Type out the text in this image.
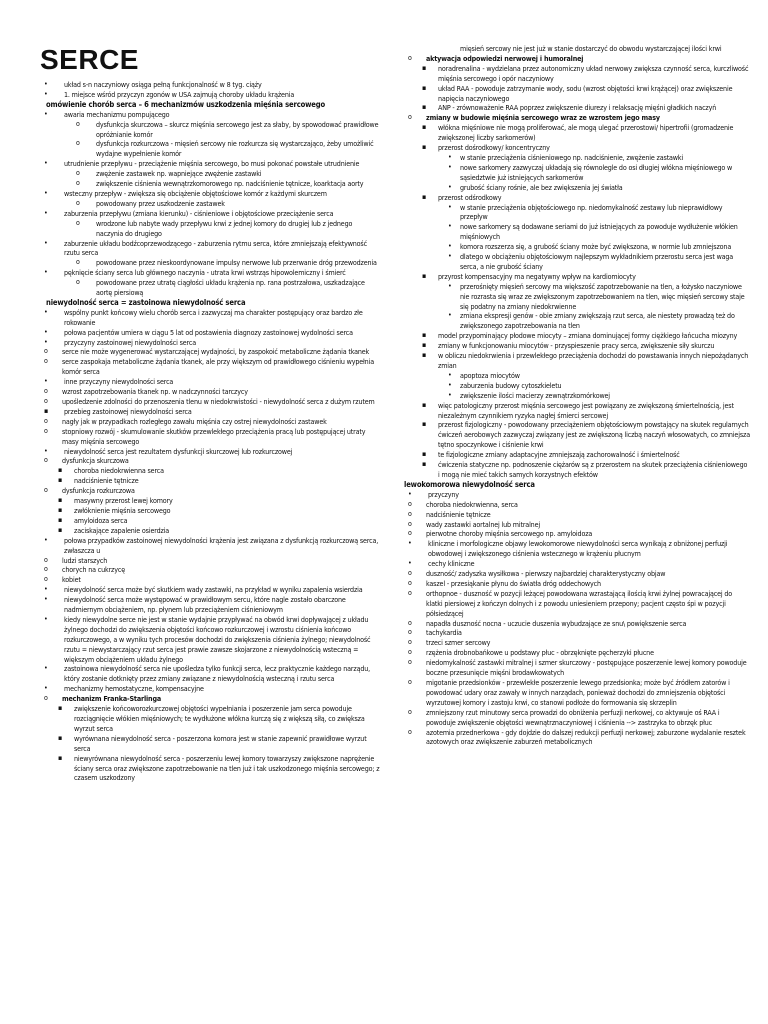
SERCE
• układ s-n naczyniowy osiąga pełną funkcjonalność w 8 tyg. ciąży
• 1. miejsce wśród przyczyn zgonów w USA zajmują choroby układu krążenia
omówienie chorób serca – 6 mechanizmów uszkodzenia mięśnia sercowego
• awaria mechanizmu pompującego
o dysfunkcja skurczowa – skurcz mięśnia sercowego jest za słaby, by spowodować prawidłowe opróżnianie komór
o dysfunkcja rozkurczowa - mięsień sercowy nie rozkurcza się wystarczająco, żeby umożliwić wydajne wypełnienie komór
• utrudnienie przepływu - przeciążenie mięśnia sercowego, bo musi pokonać powstałe utrudnienie
o zwężenie zastawek np. wapniejące zwężenie zastawki
o zwiększenie ciśnienia wewnątrzkomorowego np. nadciśnienie tętnicze, koarktacja aorty
• wsteczny przepływ - zwiększa się obciążenie objętościowe komór z każdymi skurczem
o powodowany przez uszkodzenie zastawek
• zaburzenia przepływu (zmiana kierunku) - ciśnieniowe i objętościowe przeciążenie serca
o wrodzone lub nabyte wady przepływu krwi z jednej komory do drugiej lub z jednego naczynia do drugiego
• zaburzenie układu bodźcoprzewodzącego - zaburzenia rytmu serca, które zmniejszają efektywność rzutu serca
o powodowane przez nieskoordynowane impulsy nerwowe lub przerwanie dróg przewodzenia
• pęknięcie ściany serca lub głównego naczynia - utrata krwi wstrząs hipowolemiczny i śmierć
o powodowane przez utratę ciągłości układu krążenia np. rana postrzałowa, uszkadzające aortę piersiową
niewydolność serca = zastoinowa niewydolność serca
• wspólny punkt końcowy wielu chorób serca i zazwyczaj ma charakter postępujący oraz bardzo złe rokowanie
• połowa pacjentów umiera w ciągu 5 lat od postawienia diagnozy zastoinowej wydolności serca
• przyczyny zastoinowej niewydolności serca
o serce nie może wygenerować wystarczającej wydajności, by zaspokoić metaboliczne żądania tkanek
o serce zaspokaja metaboliczne żądania tkanek, ale przy większym od prawidłowego ciśnieniu wypełnia komór serca
• inne przyczyny niewydolności serca
o wzrost zapotrzebowania tkanek np. w nadczynności tarczycy
o upośledzenie zdolności do przenoszenia tlenu w niedokrwistości - niewydolność serca z dużym rzutem
▪ przebieg zastoinowej niewydolności serca
o nagły jak w przypadkach rozległego zawału mięśnia czy ostrej niewydolności zastawek
o stopniowy rozwój - skumulowanie skutków przewlekłego przeciążenia pracą lub postępującej utraty masy mięśnia sercowego
• niewydolność serca jest rezultatem dysfunkcji skurczowej lub rozkurczowej
o dysfunkcja skurczowa
▪ choroba niedokrwienna serca
▪ nadciśnienie tętnicze
o dysfunkcja rozkurczowa
▪ masywny przerost lewej komory
▪ zwłóknienie mięśnia sercowego
▪ amyloidoza serca
▪ zaciskające zapalenie osierdzia
• połowa przypadków zastoinowej niewydolności krążenia jest związana z dysfunkcją rozkurczową serca, zwłaszcza u
o ludzi starszych
o chorych na cukrzycę
o kobiet
• niewydolność serca może być skutkiem wady zastawki, na przykład w wyniku zapalenia wsierdzia
• niewydolność serca może występować w prawidłowym sercu, które nagle zostało obarczone nadmiernym obciążeniem, np. płynem lub przeciążeniem ciśnieniowym
• kiedy niewydolne serce nie jest w stanie wydajnie przypływać na obwód krwi dopływającej z układu żylnego dochodzi do zwiększenia objętości końcowo rozkurczowej i wzrostu ciśnienia końcowo rozkurczowego, a w wyniku tych procesów dochodzi do zwiększenia ciśnienia żylnego; niewydolność rzutu = niewystarczający rzut serca jest prawie zawsze skojarzone z niewydolnością wsteczną = większym obciążeniem układu żylnego
• zastoinowa niewydolność serca nie upośledza tylko funkcji serca, lecz praktycznie każdego narządu, który zostanie dotknięty przez zmiany związane z niewydolnością wsteczną i rzutu serca
• mechanizmy hemostatyczne, kompensacyjne
o mechanizm Franka-Starlinga
▪ zwiększenie końcoworozkurczowej objętości wypełniania i poszerzenie jam serca powoduje rozciągnięcie włókien mięśniowych; te wydłużone włókna kurczą się z większą siłą, co zwiększa wyrzut serca
▪ wyrównana niewydolność serca - poszerzona komora jest w stanie zapewnić prawidłowe wyrzut serca
▪ niewyrównana niewydolność serca - poszerzeniu lewej komory towarzyszy zwiększone naprężenie ściany serca oraz zwiększone zapotrzebowanie na tlen już i tak uszkodzonego mięśnia sercowego; z czasem uszkodzony
mięsień sercowy nie jest już w stanie dostarczyć do obwodu wystarczającej ilości krwi
o aktywacja odpowiedzi nerwowej i humoralnej
▪ noradrenalina - wydzielana przez autonomiczny układ nerwowy zwiększa czynność serca, kurczliwość mięśnia sercowego i opór naczyniowy
▪ układ RAA - powoduje zatrzymanie wody, sodu (wzrost objętości krwi krążącej) oraz zwiększenie napięcia naczyniowego
▪ ANP - zrównoważenie RAA poprzez zwiększenie diurezy i relaksację mięśni gładkich naczyń
o zmiany w budowie mięśnia sercowego wraz ze wzrostem jego masy
▪ włókna mięśniowe nie mogą proliferować, ale mogą ulegać przerostowi/ hipertrofii (gromadzenie zwiększonej liczby sarkomerów)
▪ przerost dośrodkowy/ koncentryczny
• w stanie przeciążenia ciśnieniowego np. nadciśnienie, zwężenie zastawki
• nowe sarkomery zazwyczaj układają się równolegle do osi długiej włókna mięśniowego w sąsiedztwie już istniejących sarkomerów
• grubość ściany rośnie, ale bez zwiększenia jej światła
▪ przerost odśrodkowy
• w stanie przeciążenia objętościowego np. niedomykalność zestawy lub nieprawidłowy przepływ
• nowe sarkomery są dodawane seriami do już istniejących za powoduje wydłużenie włókien mięśniowych
• komora rozszerza się, a grubość ściany może być zwiększona, w normie lub zmniejszona
• dlatego w obciążeniu objętościowym najlepszym wykładnikiem przerostu serca jest waga serca, a nie grubość ściany
▪ przyrost kompensacyjny ma negatywny wpływ na kardiomiocyty
• przerośnięty mięsień sercowy ma większość zapotrzebowanie na tlen, a łożysko naczyniowe nie rozrasta się wraz ze zwiększonym zapotrzebowaniem na tlen, więc mięsień sercowy staje się podatny na zmiany niedokrwienne
• zmiana ekspresji genów - obie zmiany zwiększają rzut serca, ale niestety prowadzą też do zwiększonego zapotrzebowania na tlen
▪ model przypominający płodowe miocyty – zmiana dominującej formy ciężkiego łańcucha miozyny
▪ zmiany w funkcjonowaniu miocytów - przyspieszenie pracy serca, zwiększenie siły skurczu
▪ w obliczu niedokrwienia i przewlekłego przeciążenia dochodzi do powstawania innych niepożądanych zmian
• apoptoza miocytów
• zaburzenia budowy cytoszkieletu
• zwiększenie ilości macierzy zewnątrzkomórkowej
▪ więc patologiczny przerost mięśnia sercowego jest powiązany ze zwiększoną śmiertelnością, jest niezależnym czynnikiem ryzyka nagłej śmierci sercowej
▪ przerost fizjologiczny - powodowany przeciążeniem objętościowym powstający na skutek regularnych ćwiczeń aerobowych zazwyczaj związany jest ze zwiększoną liczbą naczyń włosowatych, co zmniejsza tętno spoczynkowe i ciśnienie krwi
▪ te fizjologiczne zmiany adaptacyjne zmniejszają zachorowalność i śmiertelność
▪ ćwiczenia statyczne np. podnoszenie ciężarów są z przerostem na skutek przeciążenia ciśnieniowego i mogą nie mieć takich samych korzystnych efektów
lewokomorowa niewydolność serca
• przyczyny
o choroba niedokrwienna, serca
o nadciśnienie tętnicze
o wady zastawki aortalnej lub mitralnej
o pierwotne choroby mięśnia sercowego np. amyloidoza
• kliniczne i morfologiczne objawy lewokomorowe niewydolności serca wynikają z obniżonej perfuzji obwodowej i zwiększonego ciśnienia wstecznego w krążeniu płucnym
• cechy kliniczne
o duszność/ zadyszka wysiłkowa - pierwszy najbardziej charakterystyczny objaw
o kaszel - przesiąkanie płynu do światła dróg oddechowych
o orthopnoe - duszność w pozycji leżącej powodowana wzrastającą ilością krwi żylnej powracającej do klatki piersiowej z kończyn dolnych i z powodu uniesieniem przepony; pacjent często śpi w pozycji półsiedzącej
o napadła duszność nocna - uczucie duszenia wybudzające ze snu\ powiększenie serca
o tachykardia
o trzeci szmer sercowy
o rzężenia drobnobańkowe u podstawy płuc - obrzęknięte pęcherzyki płucne
o niedomykalność zastawki mitralnej i szmer skurczowy - postępujące poszerzenie lewej komory powoduje boczne przesunięcie mięśni brodawkowatych
o migotanie przedsionków - przewlekłe poszerzenie lewego przedsionka; może być źródłem zatorów i powodować udary oraz zawały w innych narządach, ponieważ dochodzi do zmniejszenia objętości wyrzutowej komory i zastoju krwi, co stanowi podłoże do formowania się skrzeplin
o zmniejszony rzut minutowy serca prowadzi do obniżenia perfuzji nerkowej, co aktywuje oś RAA i powoduje zwiększenie objętości wewnątrznaczyniowej i ciśnienia --> zastrzyka to obrzęk płuc
o azotemia przednerkowa - gdy dojdzie do dalszej redukcji perfuzji nerkowej; zaburzone wydalanie resztek azotowych oraz zwiększenie zaburzeń metabolicznych
